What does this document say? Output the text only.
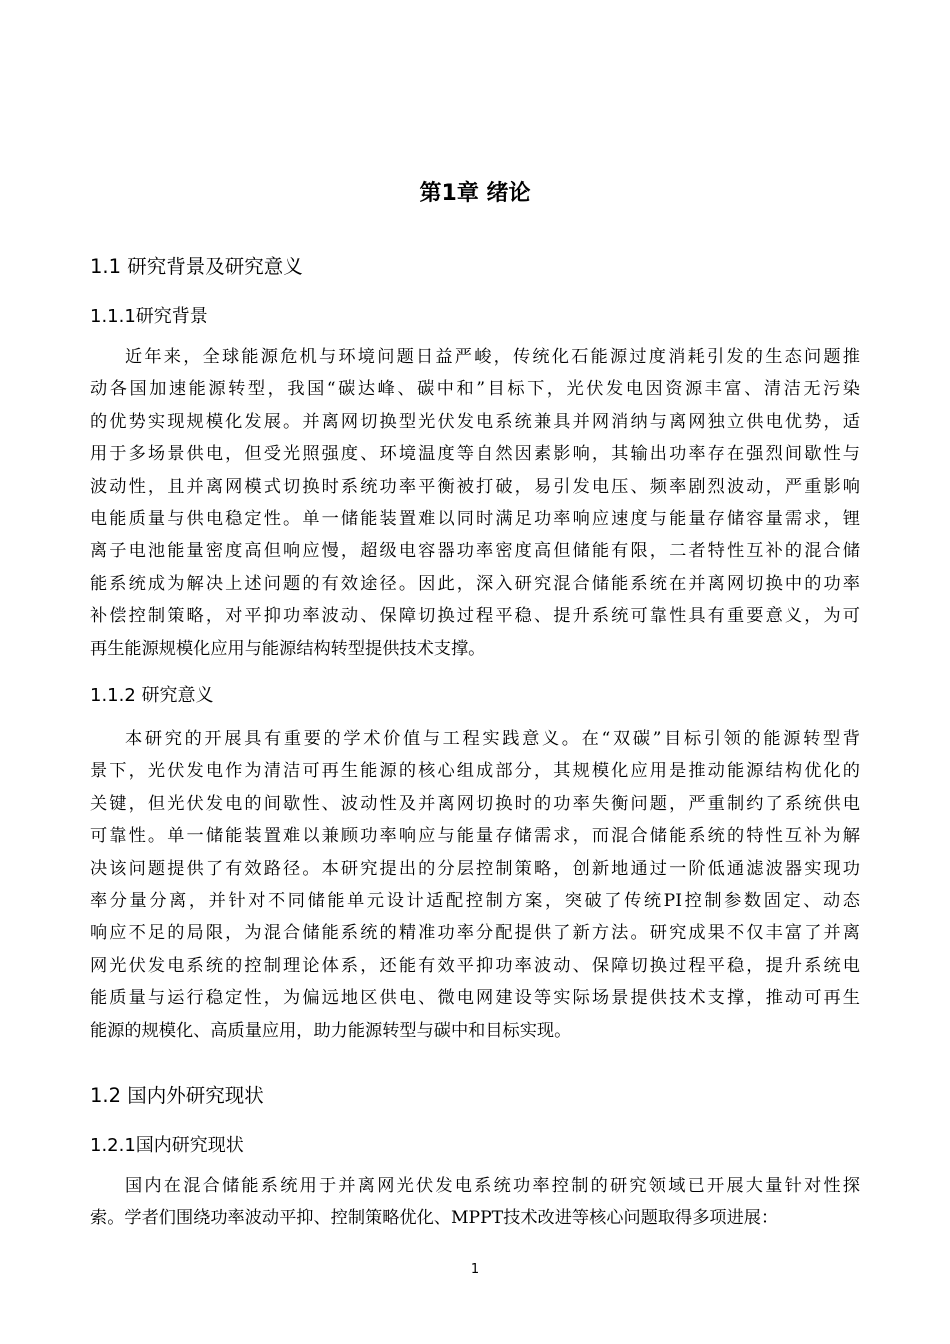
第1章 绪论
1.1 研究背景及研究意义
1.1.1研究背景
近年来，全球能源危机与环境问题日益严峻，传统化石能源过度消耗引发的生态问题推
动各国加速能源转型，我国“碳达峰、碳中和”目标下，光伏发电因资源丰富、清洁无污染
的优势实现规模化发展。并离网切换型光伏发电系统兼具并网消纳与离网独立供电优势，适
用于多场景供电，但受光照强度、环境温度等自然因素影响，其输出功率存在强烈间歇性与
波动性，且并离网模式切换时系统功率平衡被打破，易引发电压、频率剧烈波动，严重影响
电能质量与供电稳定性。单一储能装置难以同时满足功率响应速度与能量存储容量需求，锂
离子电池能量密度高但响应慢，超级电容器功率密度高但储能有限，二者特性互补的混合储
能系统成为解决上述问题的有效途径。因此，深入研究混合储能系统在并离网切换中的功率
补偿控制策略，对平抑功率波动、保障切换过程平稳、提升系统可靠性具有重要意义，为可
再生能源规模化应用与能源结构转型提供技术支撑。
1.1.2 研究意义
本研究的开展具有重要的学术价值与工程实践意义。在“双碳”目标引领的能源转型背
景下，光伏发电作为清洁可再生能源的核心组成部分，其规模化应用是推动能源结构优化的
关键，但光伏发电的间歇性、波动性及并离网切换时的功率失衡问题，严重制约了系统供电
可靠性。单一储能装置难以兼顾功率响应与能量存储需求，而混合储能系统的特性互补为解
决该问题提供了有效路径。本研究提出的分层控制策略，创新地通过一阶低通滤波器实现功
率分量分离，并针对不同储能单元设计适配控制方案，突破了传统PI控制参数固定、动态
响应不足的局限，为混合储能系统的精准功率分配提供了新方法。研究成果不仅丰富了并离
网光伏发电系统的控制理论体系，还能有效平抑功率波动、保障切换过程平稳，提升系统电
能质量与运行稳定性，为偏远地区供电、微电网建设等实际场景提供技术支撑，推动可再生
能源的规模化、高质量应用，助力能源转型与碳中和目标实现。
1.2 国内外研究现状
1.2.1国内研究现状
国内在混合储能系统用于并离网光伏发电系统功率控制的研究领域已开展大量针对性探
索。学者们围绕功率波动平抑、控制策略优化、MPPT技术改进等核心问题取得多项进展：
1
